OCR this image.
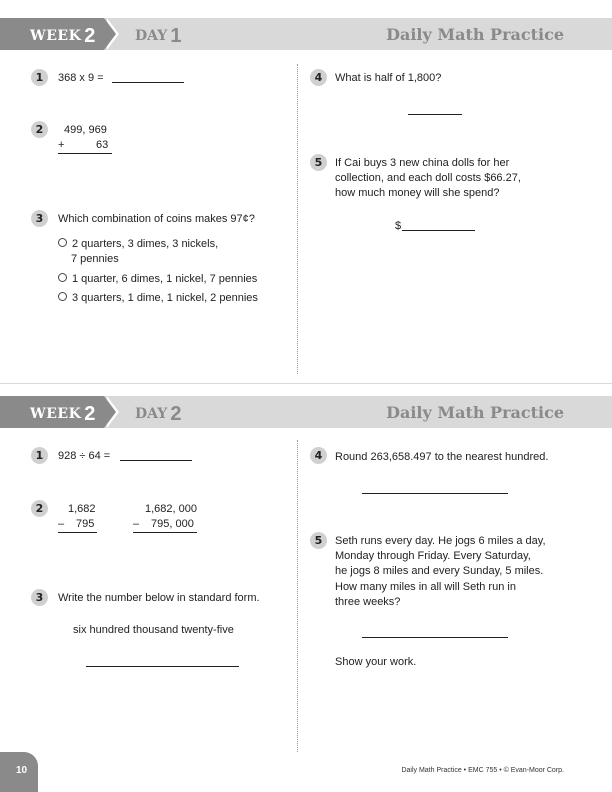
WEEK 2	DAY 1	Daily Math Practice
1	368 x 9 =
2	499, 969
+	63
3	Which combination of coins makes 97¢?
2 quarters, 3 dimes, 3 nickels,
7 pennies
1 quarter, 6 dimes, 1 nickel, 7 pennies
3 quarters, 1 dime, 1 nickel, 2 pennies
4	What is half of 1,800?
5	If Cai buys 3 new china dolls for her
collection, and each doll costs $66.27,
how much money will she spend?
$
WEEK 2	DAY 2	Daily Math Practice
1	928 ÷ 64 =
2	1,682
– 795
1,682, 000
– 795, 000
3	Write the number below in standard form.
six hundred thousand twenty-five
4	Round 263,658.497 to the nearest hundred.
5	Seth runs every day. He jogs 6 miles a day,
Monday through Friday. Every Saturday,
he jogs 8 miles and every Sunday, 5 miles.
How many miles in all will Seth run in
three weeks?
Show your work.
10	Daily Math Practice • EMC 755 • © Evan-Moor Corp.
